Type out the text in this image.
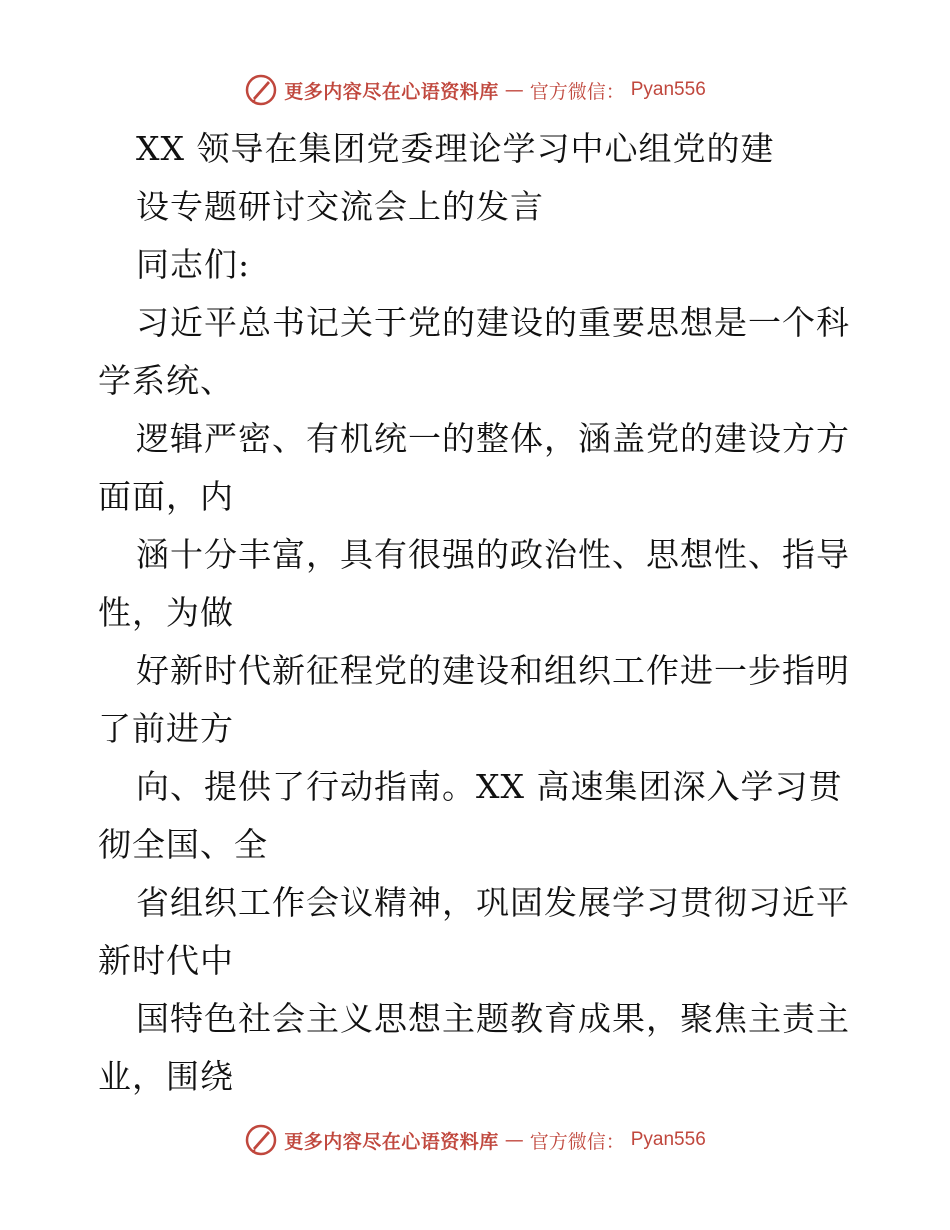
更多内容尽在心语资料库 — 官方微信： Pyan556
XX 领导在集团党委理论学习中心组党的建
设专题研讨交流会上的发言
同志们:
习近平总书记关于党的建设的重要思想是一个科
学系统、
逻辑严密、有机统一的整体，涵盖党的建设方方
面面，内
涵十分丰富，具有很强的政治性、思想性、指导
性，为做
好新时代新征程党的建设和组织工作进一步指明
了前进方
向、提供了行动指南。XX 高速集团深入学习贯
彻全国、全
省组织工作会议精神，巩固发展学习贯彻习近平
新时代中
国特色社会主义思想主题教育成果，聚焦主责主
业，围绕
更多内容尽在心语资料库 — 官方微信： Pyan556
